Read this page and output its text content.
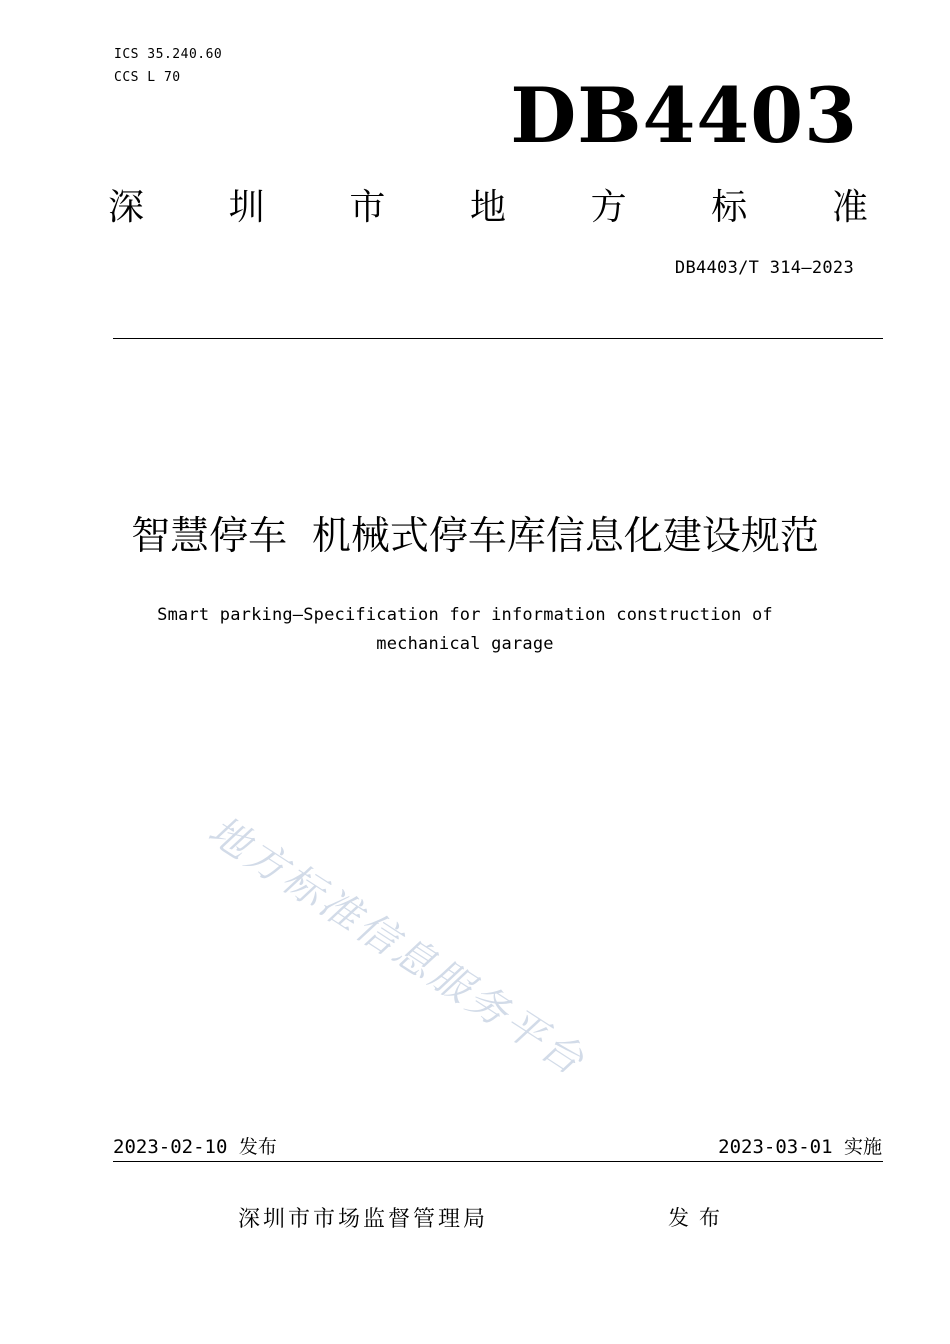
ICS 35.240.60
CCS L 70	DB4403
深 圳 市 地 方 标 准
DB4403/T 314—2023
智慧停车  机械式停车库信息化建设规范
Smart parking—Specification for information construction of
mechanical garage
地方标准信息服务平台
2023-02-10 发布	2023-03-01 实施
深圳市市场监督管理局	发布
